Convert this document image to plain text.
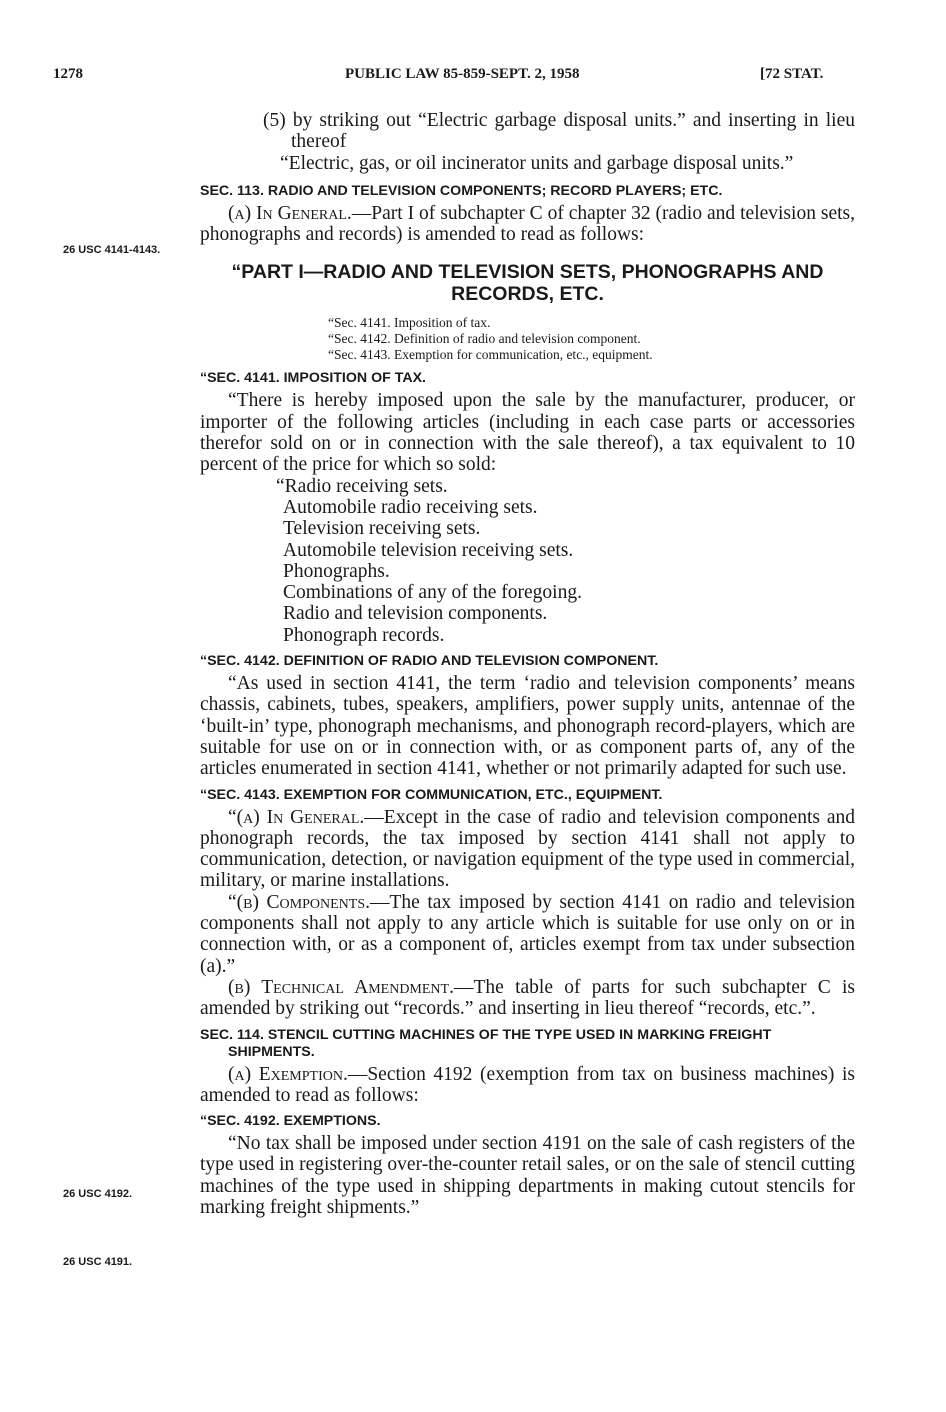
1278	PUBLIC LAW 85-859-SEPT. 2, 1958	[72 STAT.
26 USC 4141-4143.
26 USC 4192.
26 USC 4191.

(5) by striking out “Electric garbage disposal units.” and inserting in lieu thereof

“Electric, gas, or oil incinerator units and garbage disposal units.”

SEC. 113. RADIO AND TELEVISION COMPONENTS; RECORD PLAYERS; ETC.

(a) In General.—Part I of subchapter C of chapter 32 (radio and television sets, phonographs and records) is amended to read as follows:

“PART I—RADIO AND TELEVISION SETS, PHONOGRAPHS AND RECORDS, ETC.
“Sec. 4141. Imposition of tax.
“Sec. 4142. Definition of radio and television component.
“Sec. 4143. Exemption for communication, etc., equipment.
“SEC. 4141. IMPOSITION OF TAX.

“There is hereby imposed upon the sale by the manufacturer, producer, or importer of the following articles (including in each case parts or accessories therefor sold on or in connection with the sale thereof), a tax equivalent to 10 percent of the price for which so sold:

“Radio receiving sets.

Automobile radio receiving sets.

Television receiving sets.

Automobile television receiving sets.

Phonographs.

Combinations of any of the foregoing.

Radio and television components.

Phonograph records.

“SEC. 4142. DEFINITION OF RADIO AND TELEVISION COMPONENT.

“As used in section 4141, the term ‘radio and television components’ means chassis, cabinets, tubes, speakers, amplifiers, power supply units, antennae of the ‘built-in’ type, phonograph mechanisms, and phonograph record-players, which are suitable for use on or in connection with, or as component parts of, any of the articles enumerated in section 4141, whether or not primarily adapted for such use.

“SEC. 4143. EXEMPTION FOR COMMUNICATION, ETC., EQUIPMENT.

“(a) In General.—Except in the case of radio and television components and phonograph records, the tax imposed by section 4141 shall not apply to communication, detection, or navigation equipment of the type used in commercial, military, or marine installations.

“(b) Components.—The tax imposed by section 4141 on radio and television components shall not apply to any article which is suitable for use only on or in connection with, or as a component of, articles exempt from tax under subsection (a).”

(b) Technical Amendment.—The table of parts for such subchapter C is amended by striking out “records.” and inserting in lieu thereof “records, etc.”.

SEC. 114. STENCIL CUTTING MACHINES OF THE TYPE USED IN MARKING FREIGHT SHIPMENTS.

(a) Exemption.—Section 4192 (exemption from tax on business machines) is amended to read as follows:

“SEC. 4192. EXEMPTIONS.

“No tax shall be imposed under section 4191 on the sale of cash registers of the type used in registering over-the-counter retail sales, or on the sale of stencil cutting machines of the type used in shipping departments in making cutout stencils for marking freight shipments.”
